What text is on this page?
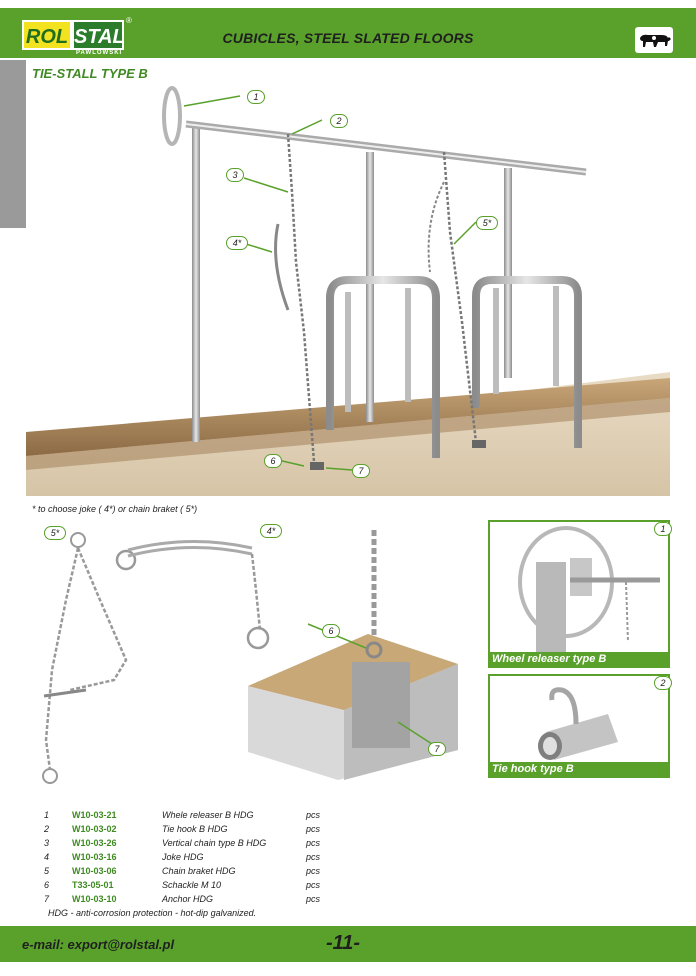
ROL STAL
PAWLOWSKI
®
CUBICLES, STEEL SLATED FLOORS
TIE-STALL TYPE B
1
2
3
4*
5*
6
7
* to choose joke ( 4*) or chain braket ( 5*)
5*	4*
6
7
Wheel releaser type B
1
Tie hook type B
2
1	W10-03-21	Whele releaser B HDG	pcs
2	W10-03-02	Tie hook B HDG	pcs
3	W10-03-26	Vertical chain type B HDG	pcs
4	W10-03-16	Joke HDG	pcs
5	W10-03-06	Chain braket HDG	pcs
6	T33-05-01	Schackle M 10	pcs
7	W10-03-10	Anchor HDG	pcs
HDG - anti-corrosion protection - hot-dip galvanized.
e-mail: export@rolstal.pl	-11-
